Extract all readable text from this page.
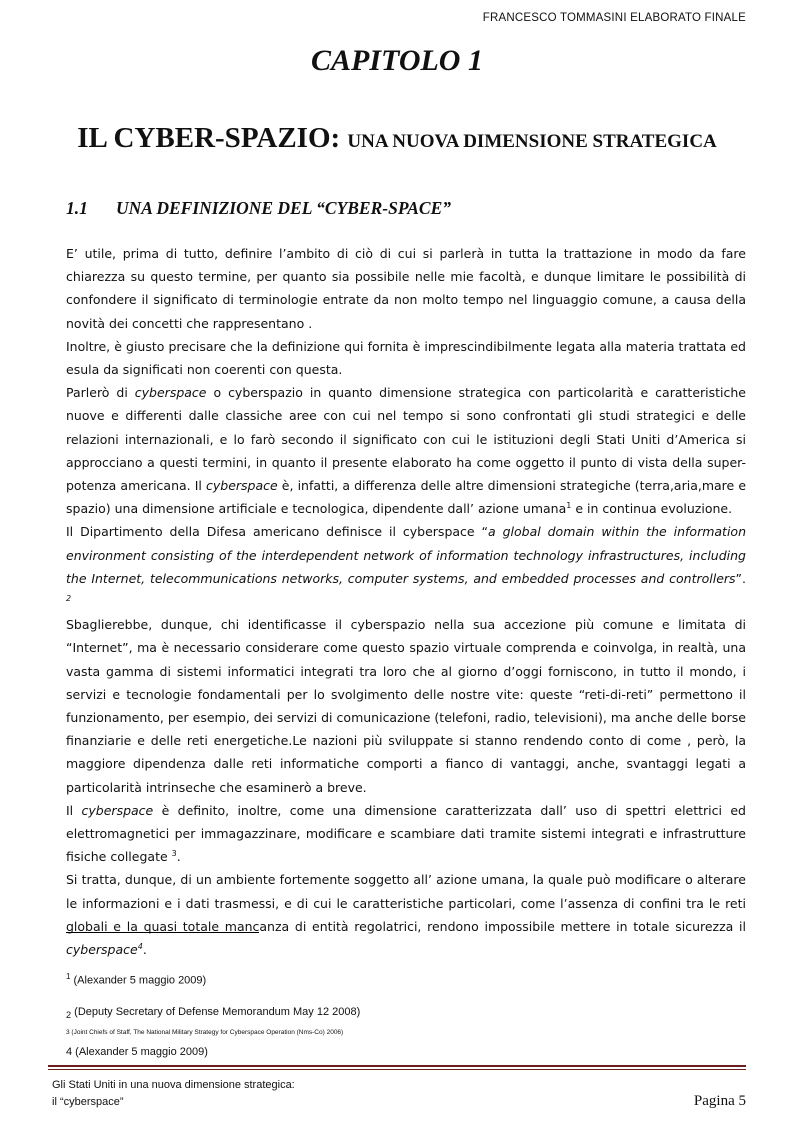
FRANCESCO TOMMASINI ELABORATO FINALE
CAPITOLO 1
IL CYBER-SPAZIO: UNA NUOVA DIMENSIONE STRATEGICA
1.1 UNA DEFINIZIONE DEL “CYBER-SPACE”

E’ utile, prima di tutto, definire l’ambito di ciò di cui si parlerà in tutta la trattazione in modo da fare chiarezza su questo termine, per quanto sia possibile nelle mie facoltà, e dunque limitare le possibilità di confondere il significato di terminologie entrate da non molto tempo nel linguaggio comune, a causa della novità dei concetti che rappresentano .

Inoltre, è giusto precisare che la definizione qui fornita è imprescindibilmente legata alla materia trattata ed esula da significati non coerenti con questa.

Parlerò di cyberspace o cyberspazio in quanto dimensione strategica con particolarità e caratteristiche nuove e differenti dalle classiche aree con cui nel tempo si sono confrontati gli studi strategici e delle relazioni internazionali, e lo farò secondo il significato con cui le istituzioni degli Stati Uniti d’America si approcciano a questi termini, in quanto il presente elaborato ha come oggetto il punto di vista della super-potenza americana. Il cyberspace è, infatti, a differenza delle altre dimensioni strategiche (terra,aria,mare e spazio) una dimensione artificiale e tecnologica, dipendente dall’ azione umana$^1$ e in continua evoluzione.

Il Dipartimento della Difesa americano definisce il cyberspace “a global domain within the information environment consisting of the interdependent network of information technology infrastructures, including the Internet, telecommunications networks, computer systems, and embedded processes and controllers”. $^2$

Sbaglierebbe, dunque, chi identificasse il cyberspazio nella sua accezione più comune e limitata di “Internet”, ma è necessario considerare come questo spazio virtuale comprenda e coinvolga, in realtà, una vasta gamma di sistemi informatici integrati tra loro che al giorno d’oggi forniscono, in tutto il mondo, i servizi e tecnologie fondamentali per lo svolgimento delle nostre vite: queste “reti-di-reti” permettono il funzionamento, per esempio, dei servizi di comunicazione (telefoni, radio, televisioni), ma anche delle borse finanziarie e delle reti energetiche.Le nazioni più sviluppate si stanno rendendo conto di come , però, la maggiore dipendenza dalle reti informatiche comporti a fianco di vantaggi, anche, svantaggi legati a particolarità intrinseche che esaminerò a breve.

Il cyberspace è definito, inoltre, come una dimensione caratterizzata dall’ uso di spettri elettrici ed elettromagnetici per immagazzinare, modificare e scambiare dati tramite sistemi integrati e infrastrutture fisiche collegate $^3$.

Si tratta, dunque, di un ambiente fortemente soggetto all’ azione umana, la quale può modificare o alterare le informazioni e i dati trasmessi, e di cui le caratteristiche particolari, come l’assenza di confini tra le reti globali e la quasi totale mancanza di entità regolatrici, rendono impossibile mettere in totale sicurezza il cyberspace$^4$.

$^1$ (Alexander 5 maggio 2009)
$_2$ (Deputy Secretary of Defense Memorandum May 12 2008)
3 (Joint Chiefs of Staff, The National Military Strategy for Cyberspace Operation (Nms-Co) 2006)
4 (Alexander 5 maggio 2009)
Gli Stati Uniti in una nuova dimensione strategica:
il “cyberspace”	Pagina 5
